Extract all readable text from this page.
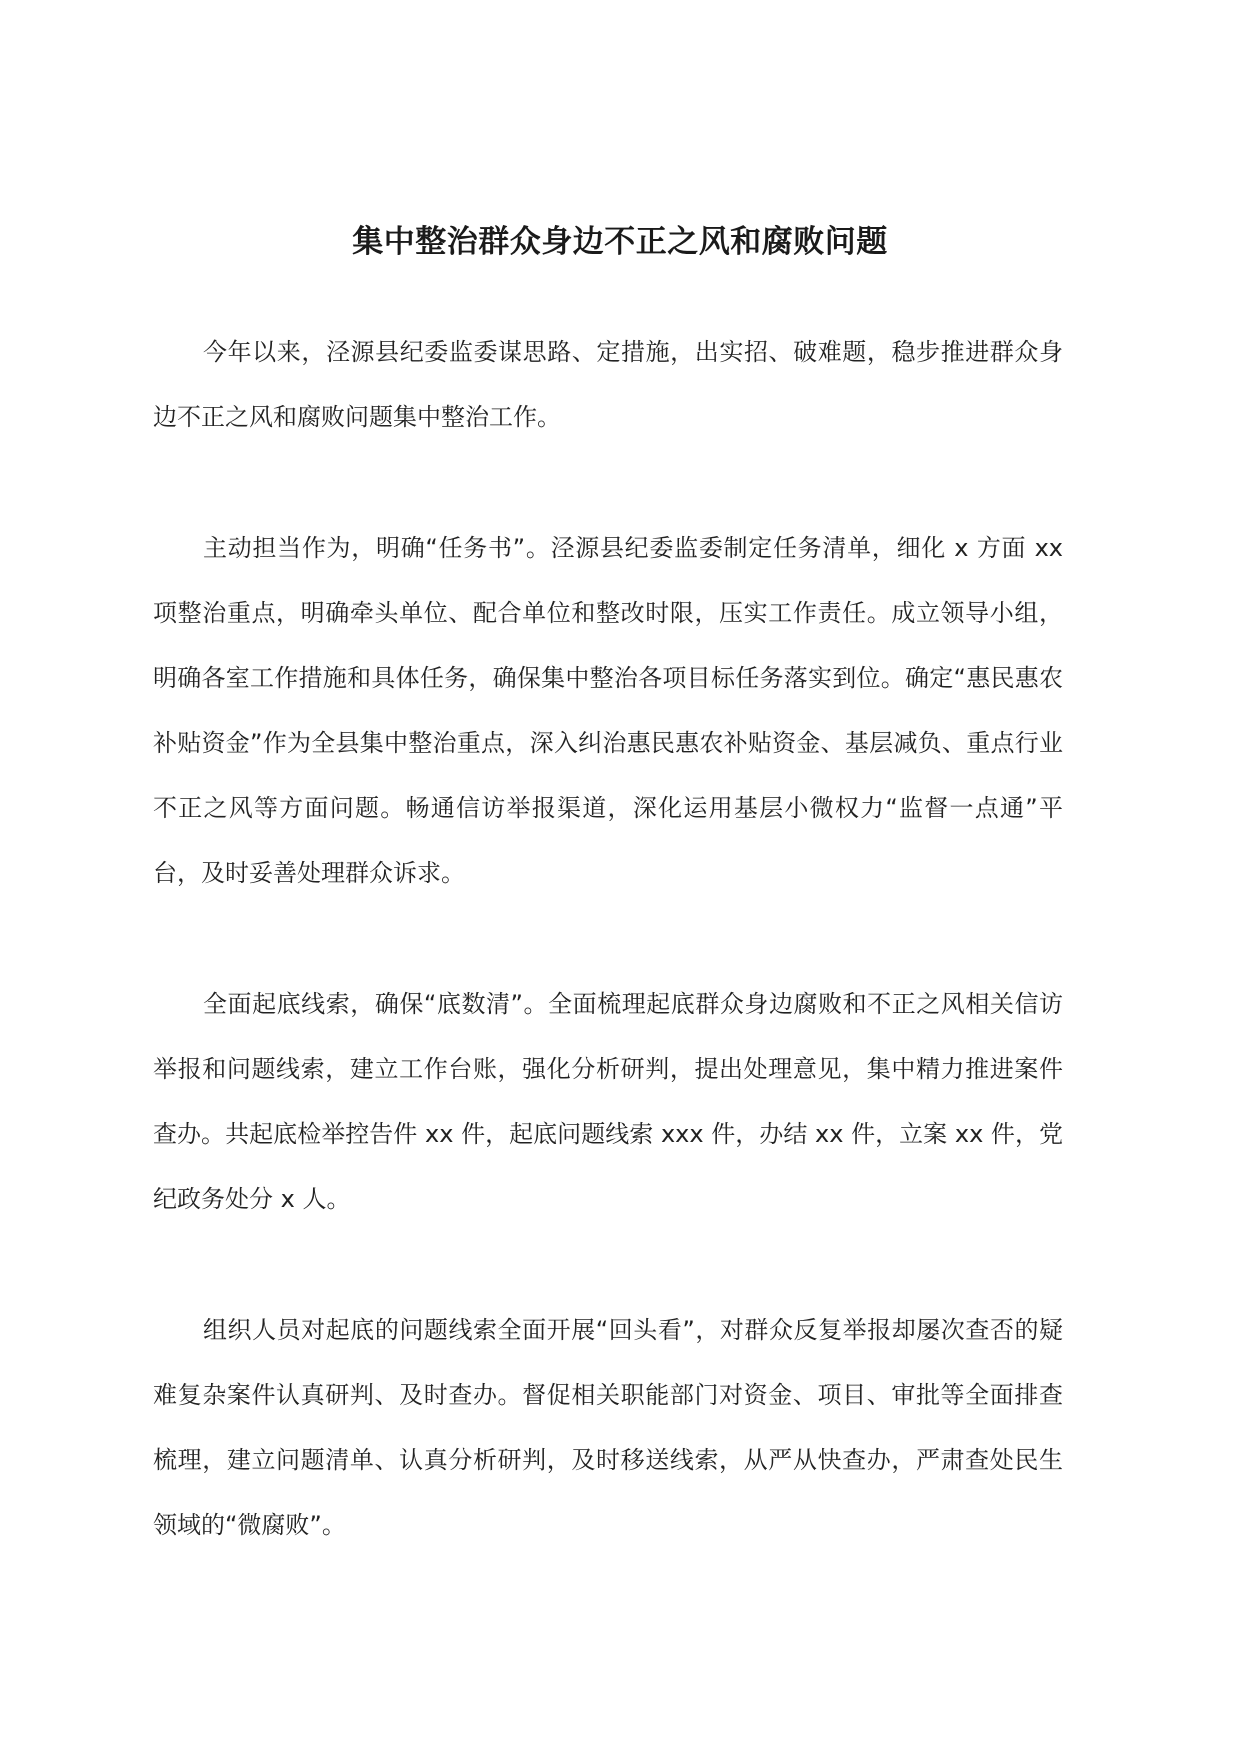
集中整治群众身边不正之风和腐败问题

今年以来，泾源县纪委监委谋思路、定措施，出实招、破难题，稳步推进群众身边不正之风和腐败问题集中整治工作。

主动担当作为，明确“任务书”。泾源县纪委监委制定任务清单，细化 x 方面 xx 项整治重点，明确牵头单位、配合单位和整改时限，压实工作责任。成立领导小组，明确各室工作措施和具体任务，确保集中整治各项目标任务落实到位。确定“惠民惠农补贴资金”作为全县集中整治重点，深入纠治惠民惠农补贴资金、基层减负、重点行业不正之风等方面问题。畅通信访举报渠道，深化运用基层小微权力“监督一点通”平台，及时妥善处理群众诉求。

全面起底线索，确保“底数清”。全面梳理起底群众身边腐败和不正之风相关信访举报和问题线索，建立工作台账，强化分析研判，提出处理意见，集中精力推进案件查办。共起底检举控告件 xx 件，起底问题线索 xxx 件，办结 xx 件，立案 xx 件，党纪政务处分 x 人。

组织人员对起底的问题线索全面开展“回头看”，对群众反复举报却屡次查否的疑难复杂案件认真研判、及时查办。督促相关职能部门对资金、项目、审批等全面排查梳理，建立问题清单、认真分析研判，及时移送线索，从严从快查办，严肃查处民生领域的“微腐败”。
